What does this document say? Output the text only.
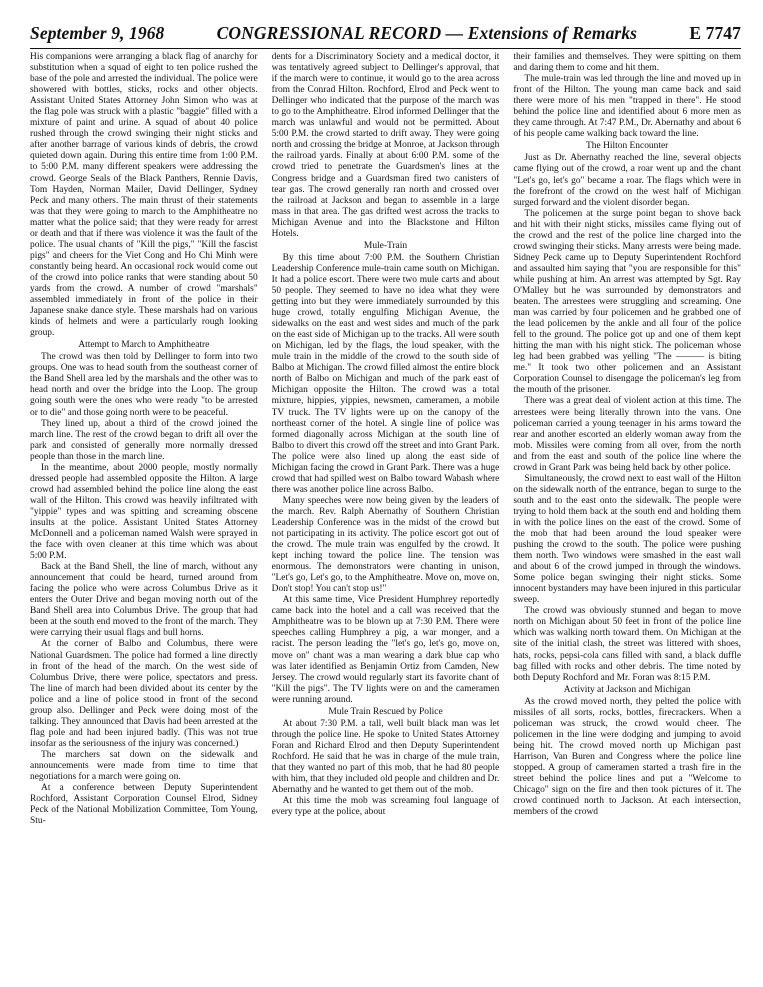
September 9, 1968	CONGRESSIONAL RECORD — Extensions of Remarks	E 7747

His companions were arranging a black flag of anarchy for substitution when a squad of eight to ten police rushed the base of the pole and arrested the individual. The police were showered with bottles, sticks, rocks and other objects. Assistant United States Attorney John Simon who was at the flag pole was struck with a plastic "baggie" filled with a mixture of paint and urine. A squad of about 40 police rushed through the crowd swinging their night sticks and after another barrage of various kinds of debris, the crowd quieted down again. During this entire time from 1:00 P.M. to 5:00 P.M. many different speakers were addressing the crowd. George Seals of the Black Panthers, Rennie Davis, Tom Hayden, Norman Mailer, David Dellinger, Sydney Peck and many others. The main thrust of their statements was that they were going to march to the Amphitheatre no matter what the police said; that they were ready for arrest or death and that if there was violence it was the fault of the police. The usual chants of "Kill the pigs," "Kill the fascist pigs" and cheers for the Viet Cong and Ho Chi Minh were constantly being heard. An occasional rock would come out of the crowd into police ranks that were standing about 50 yards from the crowd. A number of crowd "marshals" assembled immediately in front of the police in their Japanese snake dance style. These marshals had on various kinds of helmets and were a particularly rough looking group.

Attempt to March to Amphitheatre

The crowd was then told by Dellinger to form into two groups. One was to head south from the southeast corner of the Band Shell area led by the marshals and the other was to head north and over the bridge into the Loop. The group going south were the ones who were ready "to be arrested or to die" and those going north were to be peaceful.

They lined up, about a third of the crowd joined the march line. The rest of the crowd began to drift all over the park and consisted of generally more normally dressed people than those in the march line.

In the meantime, about 2000 people, mostly normally dressed people had assembled opposite the Hilton. A large crowd had assembled behind the police line along the east wall of the Hilton. This crowd was heavily infiltrated with "yippie" types and was spitting and screaming obscene insults at the police. Assistant United States Attorney McDonnell and a policeman named Walsh were sprayed in the face with oven cleaner at this time which was about 5:00 P.M.

Back at the Band Shell, the line of march, without any announcement that could be heard, turned around from facing the police who were across Columbus Drive as it enters the Outer Drive and began moving north out of the Band Shell area into Columbus Drive. The group that had been at the south end moved to the front of the march. They were carrying their usual flags and bull horns.

At the corner of Balbo and Columbus, there were National Guardsmen. The police had formed a line directly in front of the head of the march. On the west side of Columbus Drive, there were police, spectators and press. The line of march had been divided about its center by the police and a line of police stood in front of the second group also. Dellinger and Peck were doing most of the talking. They announced that Davis had been arrested at the flag pole and had been injured badly. (This was not true insofar as the seriousness of the injury was concerned.)

The marchers sat down on the sidewalk and announcements were made from time to time that negotiations for a march were going on.

At a conference between Deputy Superintendent Rochford, Assistant Corporation Counsel Elrod, Sidney Peck of the National Mobilization Committee, Tom Young, Stu-

dents for a Discriminatory Society and a medical doctor, it was tentatively agreed subject to Dellinger's approval, that if the march were to continue, it would go to the area across from the Conrad Hilton. Rochford, Elrod and Peck went to Dellinger who indicated that the purpose of the march was to go to the Amphitheatre. Elrod informed Dellinger that the march was unlawful and would not be permitted. About 5:00 P.M. the crowd started to drift away. They were going north and crossing the bridge at Monroe, at Jackson through the railroad yards. Finally at about 6:00 P.M. some of the crowd tried to penetrate the Guardsmen's lines at the Congress bridge and a Guardsman fired two canisters of tear gas. The crowd generally ran north and crossed over the railroad at Jackson and began to assemble in a large mass in that area. The gas drifted west across the tracks to Michigan Avenue and into the Blackstone and Hilton Hotels.

Mule-Train

By this time about 7:00 P.M. the Southern Christian Leadership Conference mule-train came south on Michigan. It had a police escort. There were two mule carts and about 50 people. They seemed to have no idea what they were getting into but they were immediately surrounded by this huge crowd, totally engulfing Michigan Avenue, the sidewalks on the east and west sides and much of the park on the east side of Michigan up to the tracks. All were south on Michigan, led by the flags, the loud speaker, with the mule train in the middle of the crowd to the south side of Balbo at Michigan. The crowd filled almost the entire block north of Balbo on Michigan and much of the park east of Michigan opposite the Hilton. The crowd was a total mixture, hippies, yippies, newsmen, cameramen, a mobile TV truck. The TV lights were up on the canopy of the northeast corner of the hotel. A single line of police was formed diagonally across Michigan at the south line of Balbo to divert this crowd off the street and into Grant Park. The police were also lined up along the east side of Michigan facing the crowd in Grant Park. There was a huge crowd that had spilled west on Balbo toward Wabash where there was another police line across Balbo.

Many speeches were now being given by the leaders of the march. Rev. Ralph Abernathy of Southern Christian Leadership Conference was in the midst of the crowd but not participating in its activity. The police escort got out of the crowd. The mule train was engulfed by the crowd. It kept inching toward the police line. The tension was enormous. The demonstrators were chanting in unison, "Let's go, Let's go, to the Amphitheatre. Move on, move on, Don't stop! You can't stop us!"

At this same time, Vice President Humphrey reportedly came back into the hotel and a call was received that the Amphitheatre was to be blown up at 7:30 P.M. There were speeches calling Humphrey a pig, a war monger, and a racist. The person leading the "let's go, let's go, move on, move on" chant was a man wearing a dark blue cap who was later identified as Benjamin Ortiz from Camden, New Jersey. The crowd would regularly start its favorite chant of "Kill the pigs". The TV lights were on and the cameramen were running around.

Mule Train Rescued by Police

At about 7:30 P.M. a tall, well built black man was let through the police line. He spoke to United States Attorney Foran and Richard Elrod and then Deputy Superintendent Rochford. He said that he was in charge of the mule train, that they wanted no part of this mob, that he had 80 people with him, that they included old people and children and Dr. Abernathy and he wanted to get them out of the mob.

At this time the mob was screaming foul language of every type at the police, about

their families and themselves. They were spitting on them and daring them to come and hit them.

The mule-train was led through the line and moved up in front of the Hilton. The young man came back and said there were more of his men "trapped in there". He stood behind the police line and identified about 6 more men as they came through. At 7:47 P.M., Dr. Abernathy and about 6 of his people came walking back toward the line.

The Hilton Encounter

Just as Dr. Abernathy reached the line, several objects came flying out of the crowd, a roar went up and the chant "Let's go, let's go" became a roar. The flags which were in the forefront of the crowd on the west half of Michigan surged forward and the violent disorder began.

The policemen at the surge point began to shove back and hit with their night sticks, missiles came flying out of the crowd and the rest of the police line charged into the crowd swinging their sticks. Many arrests were being made. Sidney Peck came up to Deputy Superintendent Rochford and assaulted him saying that "you are responsible for this" while pushing at him. An arrest was attempted by Sgt. Ray O'Malley but he was surrounded by demonstrators and beaten. The arrestees were struggling and screaming. One man was carried by four policemen and he grabbed one of the lead policemen by the ankle and all four of the police fell to the ground. The police got up and one of them kept hitting the man with his night stick. The policeman whose leg had been grabbed was yelling "The ——— is biting me." It took two other policemen and an Assistant Corporation Counsel to disengage the policeman's leg from the mouth of the prisoner.

There was a great deal of violent action at this time. The arrestees were being literally thrown into the vans. One policeman carried a young teenager in his arms toward the rear and another escorted an elderly woman away from the mob. Missiles were coming from all over, from the north and from the east and south of the police line where the crowd in Grant Park was being held back by other police.

Simultaneously, the crowd next to east wall of the Hilton on the sidewalk north of the entrance, began to surge to the south and to the east onto the sidewalk. The people were trying to hold them back at the south end and holding them in with the police lines on the east of the crowd. Some of the mob that had been around the loud speaker were pushing the crowd to the south. The police were pushing them north. Two windows were smashed in the east wall and about 6 of the crowd jumped in through the windows. Some police began swinging their night sticks. Some innocent bystanders may have been injured in this particular sweep.

The crowd was obviously stunned and began to move north on Michigan about 50 feet in front of the police line which was walking north toward them. On Michigan at the site of the initial clash, the street was littered with shoes, hats, rocks, pepsi-cola cans filled with sand, a black duffle bag filled with rocks and other debris. The time noted by both Deputy Rochford and Mr. Foran was 8:15 P.M.

Activity at Jackson and Michigan

As the crowd moved north, they pelted the police with missiles of all sorts, rocks, bottles, firecrackers. When a policeman was struck, the crowd would cheer. The policemen in the line were dodging and jumping to avoid being hit. The crowd moved north up Michigan past Harrison, Van Buren and Congress where the police line stopped. A group of cameramen started a trash fire in the street behind the police lines and put a "Welcome to Chicago" sign on the fire and then took pictures of it. The crowd continued north to Jackson. At each intersection, members of the crowd
